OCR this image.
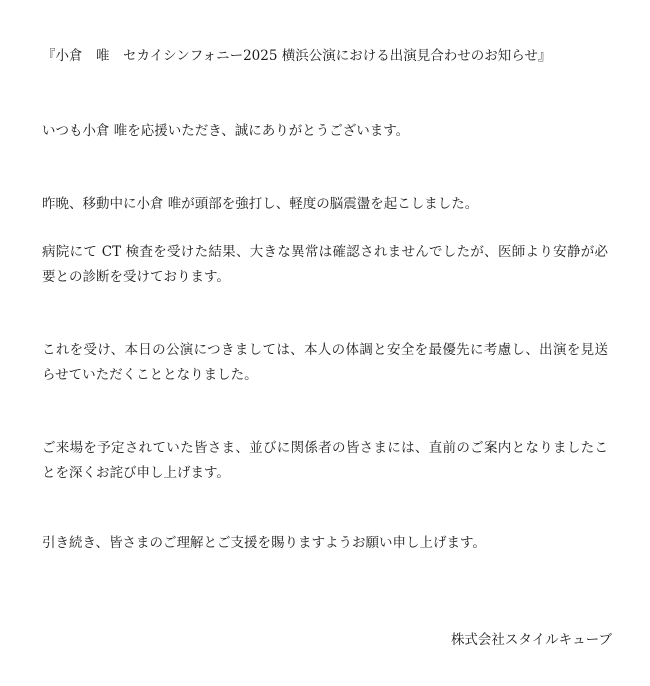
『小倉　唯　セカイシンフォニー2025 横浜公演における出演見合わせのお知らせ』

いつも小倉 唯を応援いただき、誠にありがとうございます。

昨晩、移動中に小倉 唯が頭部を強打し、軽度の脳震盪を起こしました。

病院にて CT 検査を受けた結果、大きな異常は確認されませんでしたが、医師より安静が必要との診断を受けております。

これを受け、本日の公演につきましては、本人の体調と安全を最優先に考慮し、出演を見送らせていただくこととなりました。

ご来場を予定されていた皆さま、並びに関係者の皆さまには、直前のご案内となりましたことを深くお詫び申し上げます。

引き続き、皆さまのご理解とご支援を賜りますようお願い申し上げます。

株式会社スタイルキューブ
